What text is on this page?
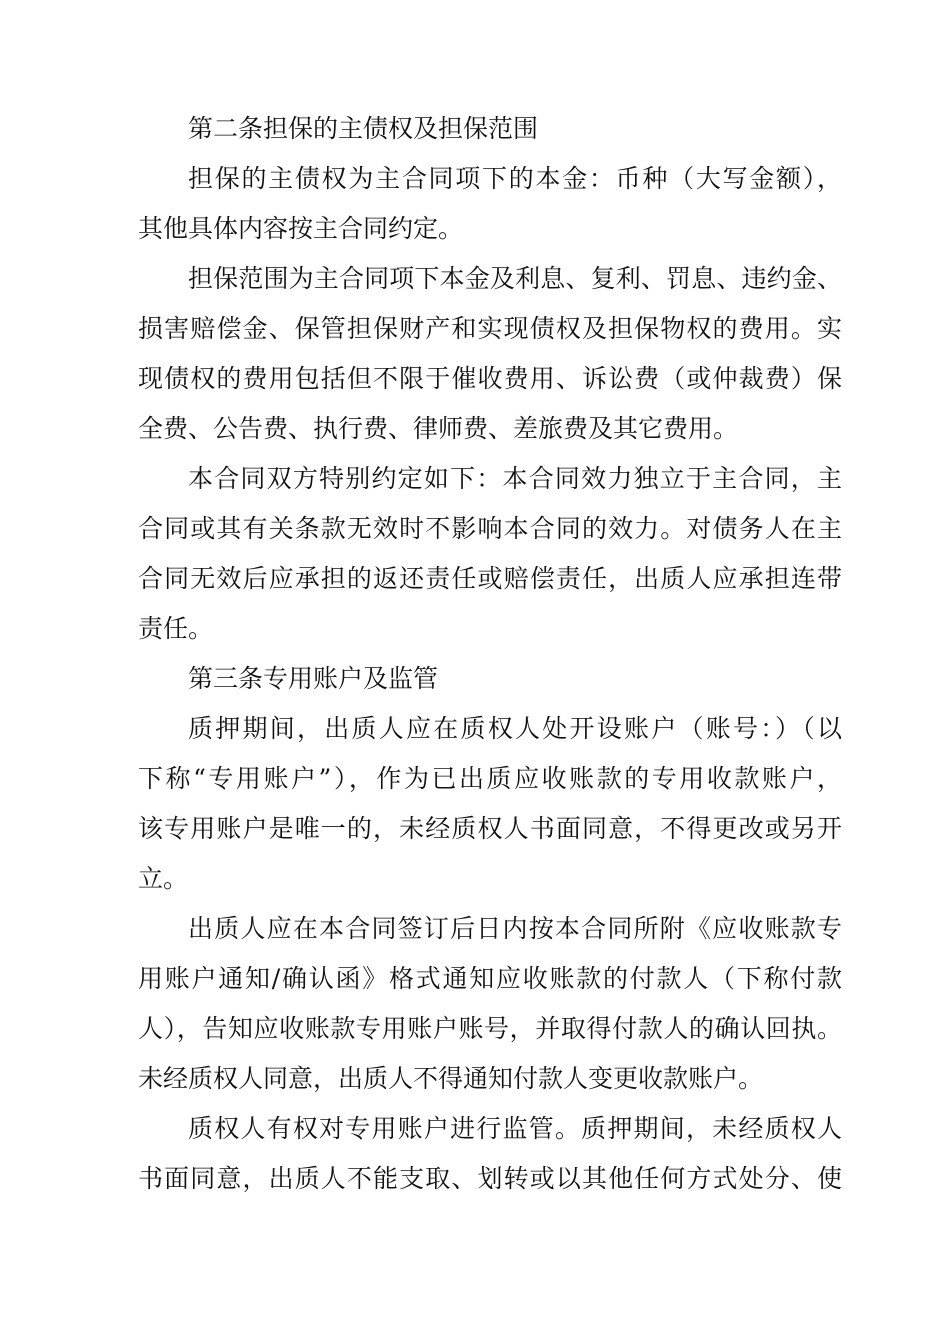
第二条担保的主债权及担保范围
担保的主债权为主合同项下的本金：币种（大写金额），
其他具体内容按主合同约定。
担保范围为主合同项下本金及利息、复利、罚息、违约金、
损害赔偿金、保管担保财产和实现债权及担保物权的费用。实
现债权的费用包括但不限于催收费用、诉讼费（或仲裁费）保
全费、公告费、执行费、律师费、差旅费及其它费用。
本合同双方特别约定如下：本合同效力独立于主合同，主
合同或其有关条款无效时不影响本合同的效力。对债务人在主
合同无效后应承担的返还责任或赔偿责任，出质人应承担连带
责任。
第三条专用账户及监管
质押期间，出质人应在质权人处开设账户（账号：）（以
下称“专用账户”），作为已出质应收账款的专用收款账户，
该专用账户是唯一的，未经质权人书面同意，不得更改或另开
立。
出质人应在本合同签订后日内按本合同所附《应收账款专
用账户通知/确认函》格式通知应收账款的付款人（下称付款
人），告知应收账款专用账户账号，并取得付款人的确认回执。
未经质权人同意，出质人不得通知付款人变更收款账户。
质权人有权对专用账户进行监管。质押期间，未经质权人
书面同意，出质人不能支取、划转或以其他任何方式处分、使
